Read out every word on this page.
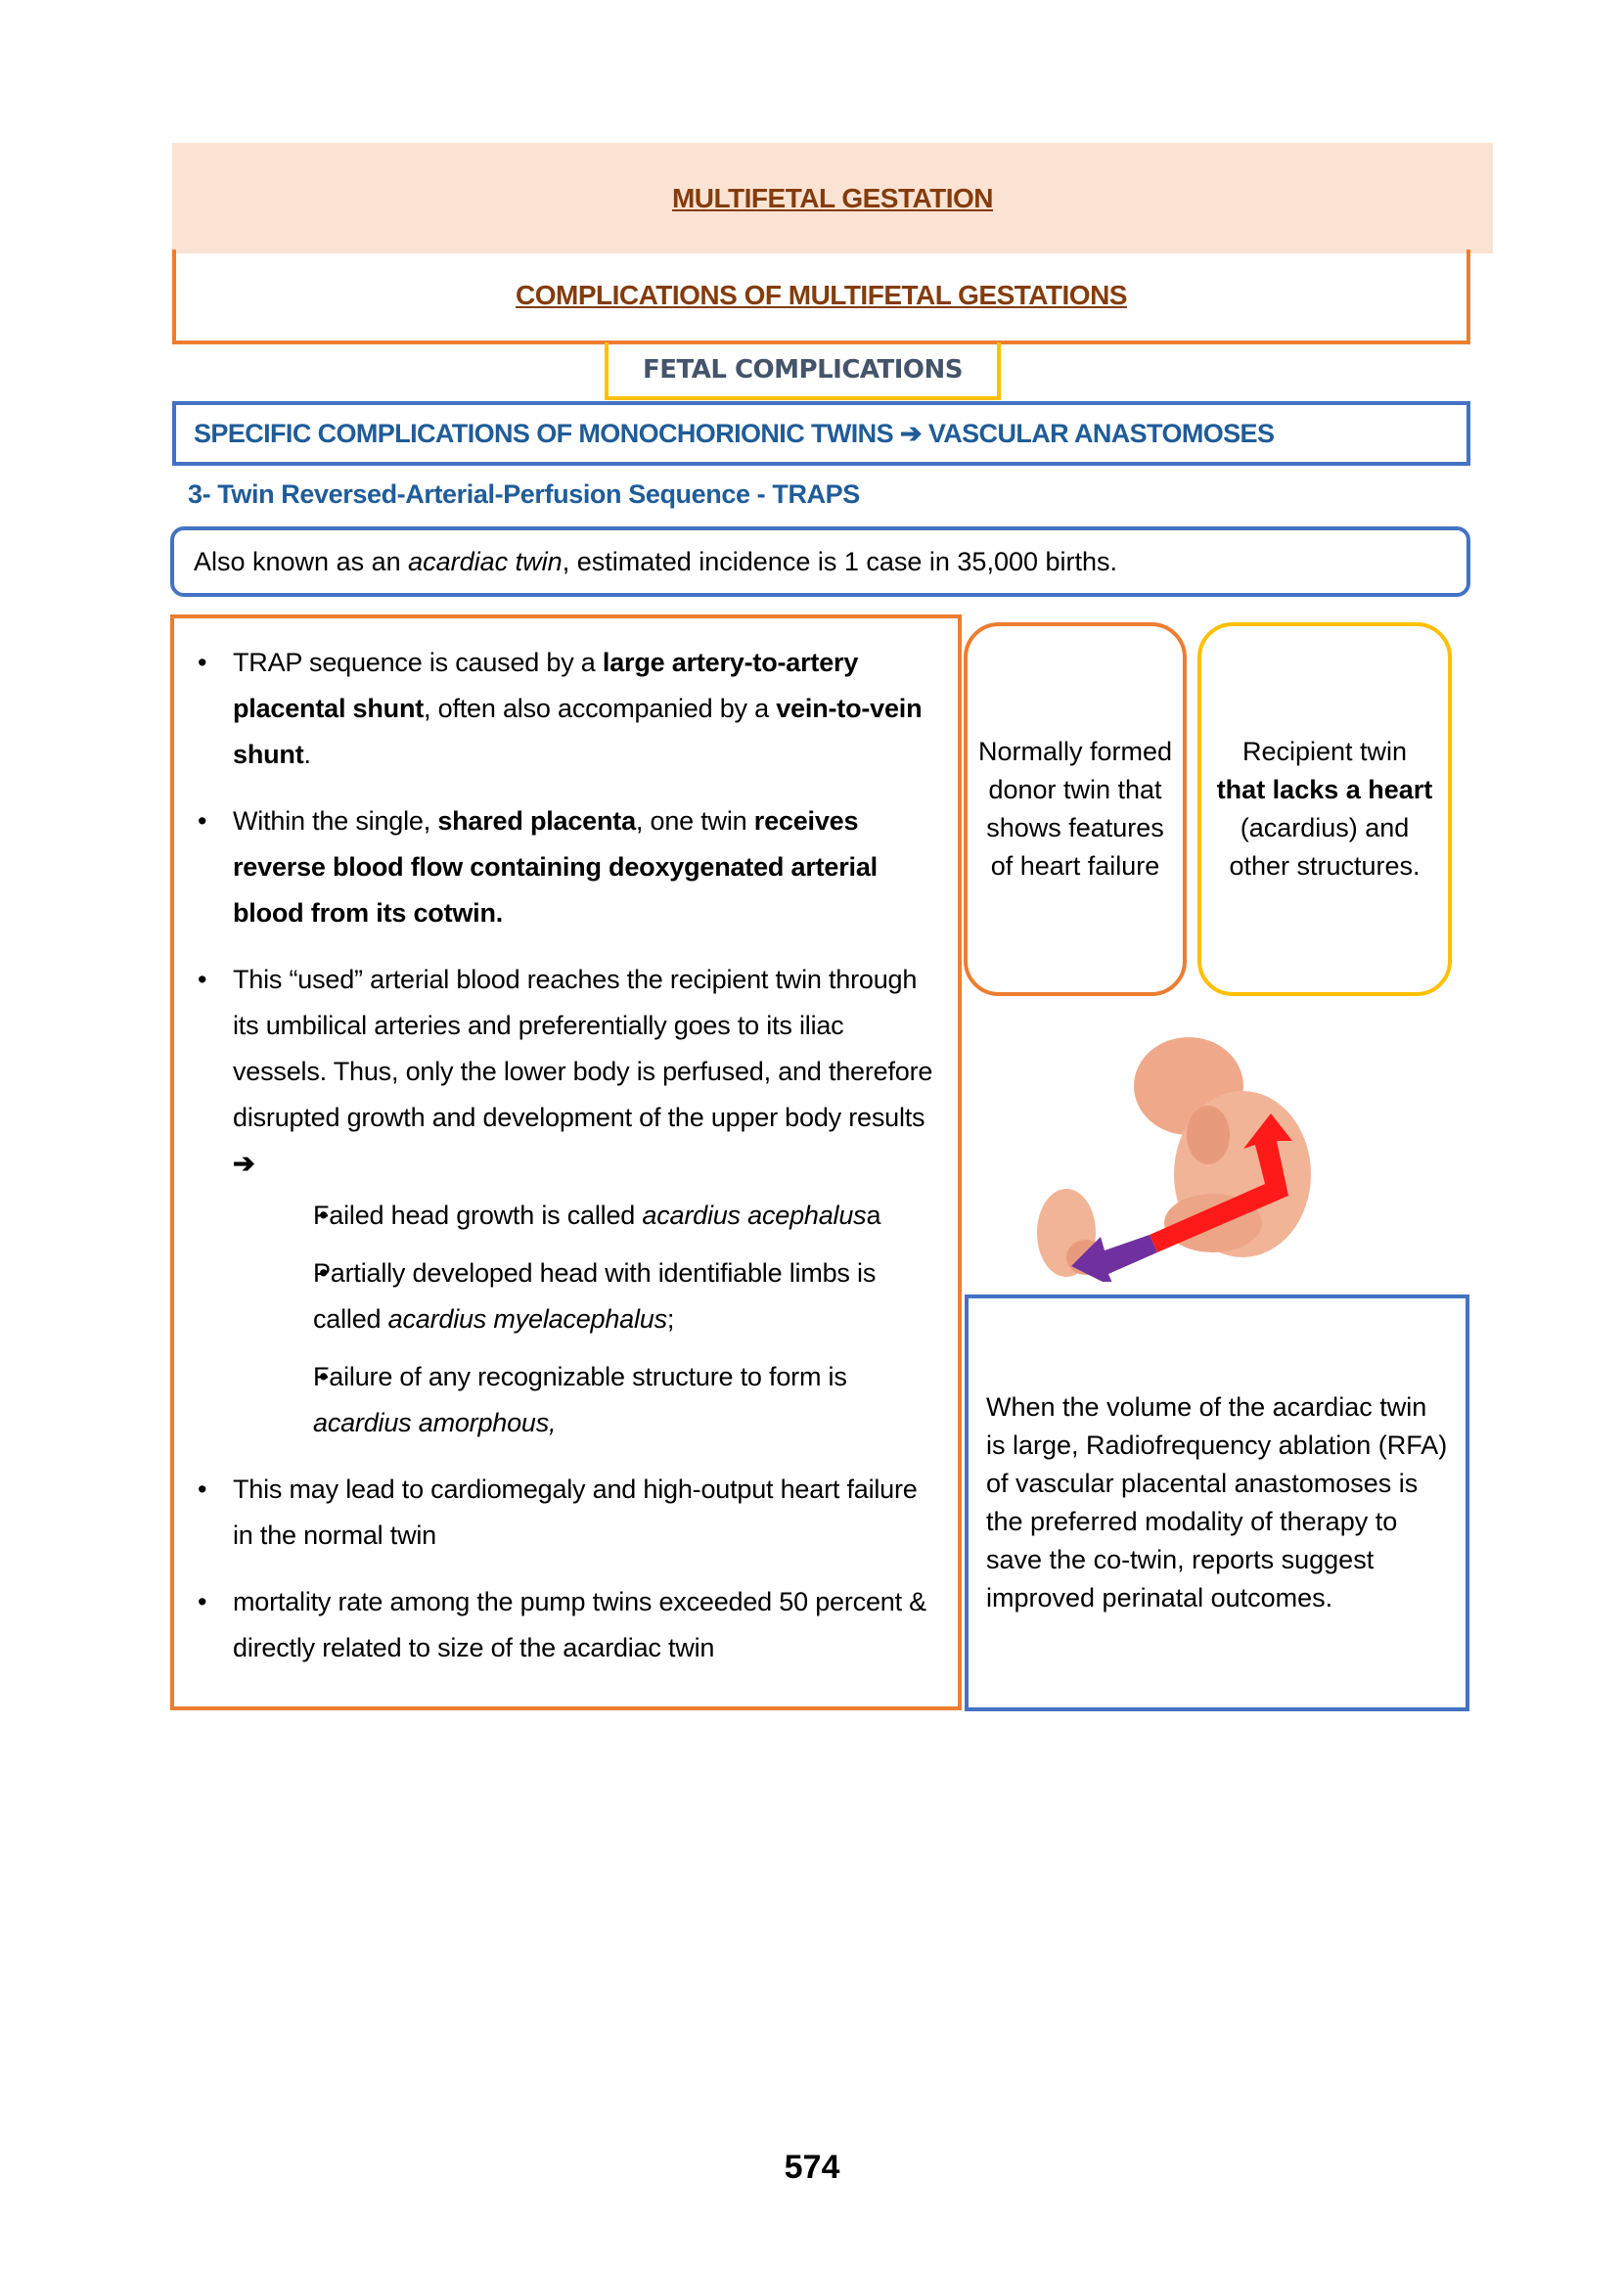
MULTIFETAL GESTATION
COMPLICATIONS OF MULTIFETAL GESTATIONS
FETAL COMPLICATIONS
SPECIFIC COMPLICATIONS OF MONOCHORIONIC TWINS ➔ VASCULAR ANASTOMOSES
3- Twin Reversed-Arterial-Perfusion Sequence - TRAPS
Also known as an acardiac twin, estimated incidence is 1 case in 35,000 births.
• TRAP sequence is caused by a large artery-to-artery placental shunt, often also accompanied by a vein-to-vein shunt.
• Within the single, shared placenta, one twin receives reverse blood flow containing deoxygenated arterial blood from its cotwin.
• This “used” arterial blood reaches the recipient twin through its umbilical arteries and preferentially goes to its iliac vessels. Thus, only the lower body is perfused, and therefore disrupted growth and development of the upper body results ➔
• Failed head growth is called acardius acephalusa
• Partially developed head with identifiable limbs is called acardius myelacephalus;
• Failure of any recognizable structure to form is acardius amorphous,
• This may lead to cardiomegaly and high-output heart failure in the normal twin
• mortality rate among the pump twins exceeded 50 percent & directly related to size of the acardiac twin
Normally formed donor twin that shows features of heart failure
Recipient twin that lacks a heart (acardius) and other structures.
When the volume of the acardiac twin is large, Radiofrequency ablation (RFA) of vascular placental anastomoses is the preferred modality of therapy to save the co-twin, reports suggest improved perinatal outcomes.
574
